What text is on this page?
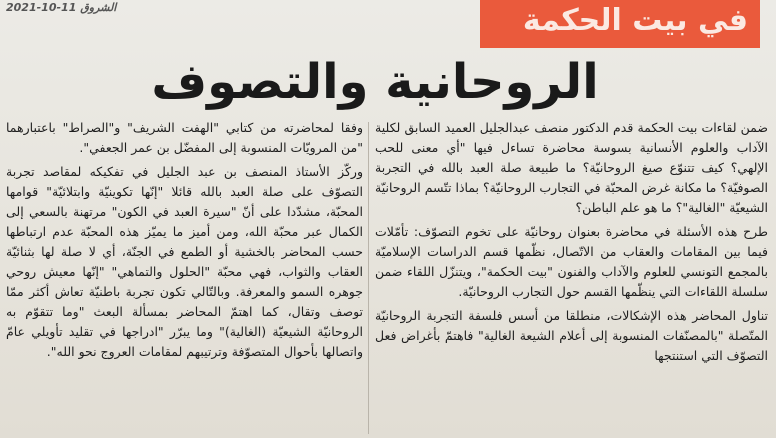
2021-10-11 الشروق	في بيت الحكمة
الروحانية والتصوف

ضمن لقاءات بيت الحكمة قدم الدكتور منصف عبدالجليل العميد السابق لكلية الآداب والعلوم الأنسانية بسوسة محاضرة تساءل فيها "أي معنى للحب الإلهي؟ كيف تتنوّع صيغ الروحانيّة؟ ما طبيعة صلة العبد بالله في التجربة الصوفيّة؟ ما مكانة غرض المحبّة في التجارب الروحانيّة؟ بماذا تتّسم الروحانيّة الشيعيّة "الغالية"؟ ما هو علم الباطن؟

طرح هذه الأسئلة في محاضرة بعنوان روحانيّة على تخوم التصوّف: تأمّلات فيما بين المقامات والعقاب من الاتّصال، نظّمها قسم الدراسات الإسلاميّة بالمجمع التونسي للعلوم والآداب والفنون "بيت الحكمة"، ويتنزّل اللقاء ضمن سلسلة اللقاءات التي ينظّمها القسم حول التجارب الروحانيّة.

تناول المحاضر هذه الإشكالات، منطلقا من أسس فلسفة التجربة الروحانيّة المتّصلة "بالمصنّفات المنسوبة إلى أعلام الشيعة الغالية" فاهتمّ بأغراض فعل التصوّف التي استنتجها

وفقا لمحاضرته من كتابي "الهفت الشريف" و"الصراط" باعتبارهما "من المرويّات المنسوبة إلى المفضّل بن عمر الجعفي".

وركّز الأستاذ المنصف بن عبد الجليل في تفكيكه لمقاصد تجربة التصوّف على صلة العبد بالله قائلا "إنّها تكوينيّة وابتلائيّة" قوامها المحبّة، مشدّدا على أنّ "سيرة العبد في الكون" مرتهنة بالسعي إلى الكمال عبر محبّة الله، ومن أميز ما يميّز هذه المحبّة عدم ارتباطها حسب المحاضر بالخشية أو الطمع في الجنّة، أي لا صلة لها بثنائيّة العقاب والثواب، فهي محبّة "الحلول والتماهي" "إنّها معيش روحي جوهره السمو والمعرفة. وبالتّالي تكون تجربة باطنيّة تعاش أكثر ممّا توصف وتقال، كما اهتمّ المحاضر بمسألة البعث "وما تتقوّم به الروحانيّة الشيعيّة (الغالية)" وما يبرّر "ادراجها في تقليد تأويلي عامّ واتصالها بأحوال المتصوّفة وترتيبهم لمقامات العروج نحو الله".
